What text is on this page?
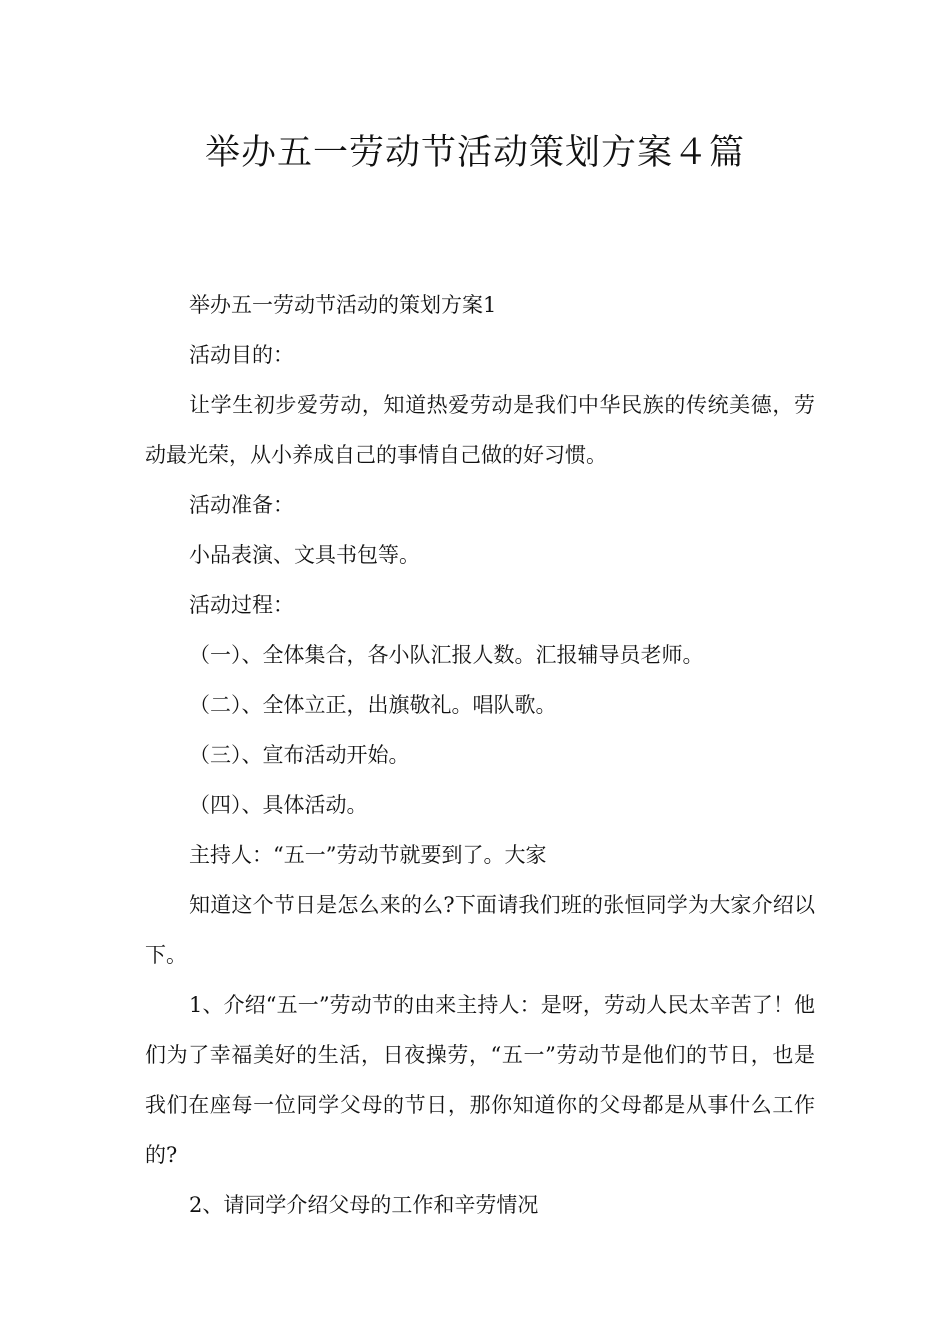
举办五一劳动节活动策划方案４篇

举办五一劳动节活动的策划方案1

活动目的：

让学生初步爱劳动，知道热爱劳动是我们中华民族的传统美德，劳动最光荣，从小养成自己的事情自己做的好习惯。

活动准备：

小品表演、文具书包等。

活动过程：

（一）、全体集合，各小队汇报人数。汇报辅导员老师。

（二）、全体立正，出旗敬礼。唱队歌。

（三）、宣布活动开始。

（四）、具体活动。

主持人：“五一”劳动节就要到了。大家

知道这个节日是怎么来的么?下面请我们班的张恒同学为大家介绍以下。

1、介绍“五一”劳动节的由来主持人：是呀，劳动人民太辛苦了！他们为了幸福美好的生活，日夜操劳，“五一”劳动节是他们的节日，也是我们在座每一位同学父母的节日，那你知道你的父母都是从事什么工作的?

2、请同学介绍父母的工作和辛劳情况
